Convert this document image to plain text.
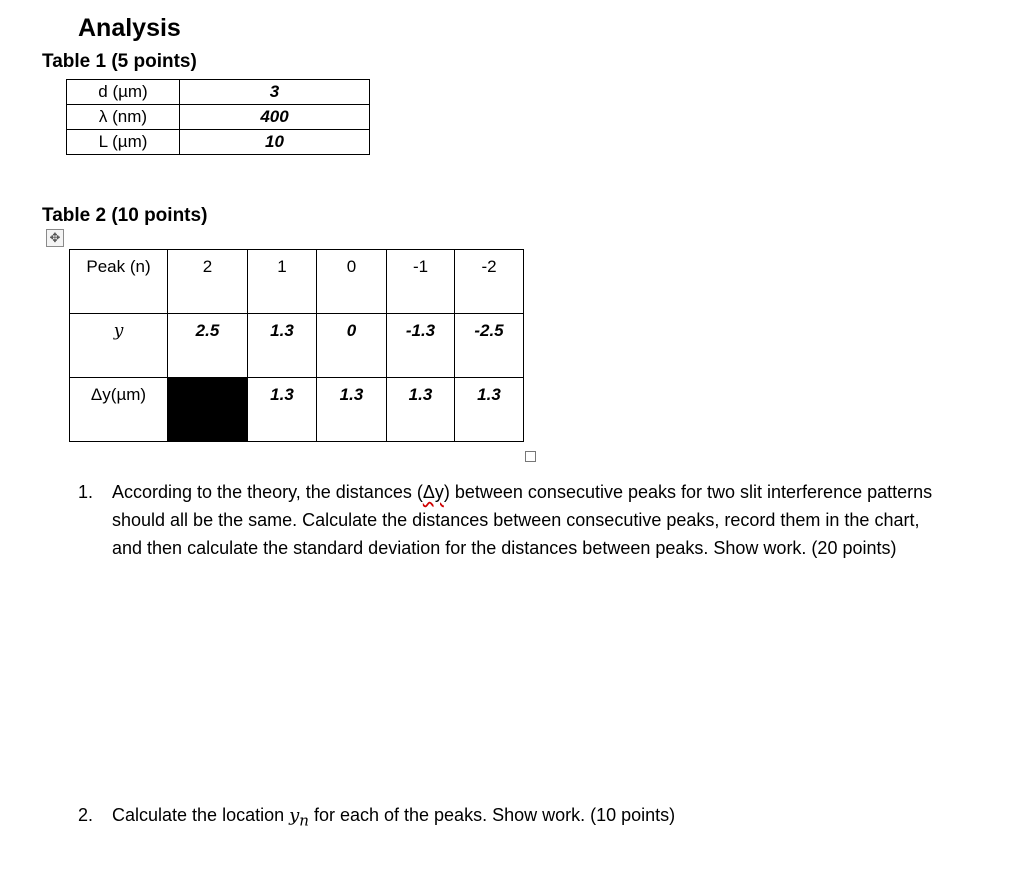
Analysis
Table 1 (5 points)
d (µm)	3
λ (nm)	400
L (µm)	10
Table 2 (10 points)
✥
Peak (n)	2	1	0	-1	-2

y	2.5	1.3	0	-1.3	-2.5

Δy(µm)		1.3	1.3	1.3	1.3
1. According to the theory, the distances (Δy) between consecutive peaks for two slit interference patterns should all be the same. Calculate the distances between consecutive peaks, record them in the chart, and then calculate the standard deviation for the distances between peaks. Show work. (20 points)
2. Calculate the location $y_n$ for each of the peaks. Show work. (10 points)
